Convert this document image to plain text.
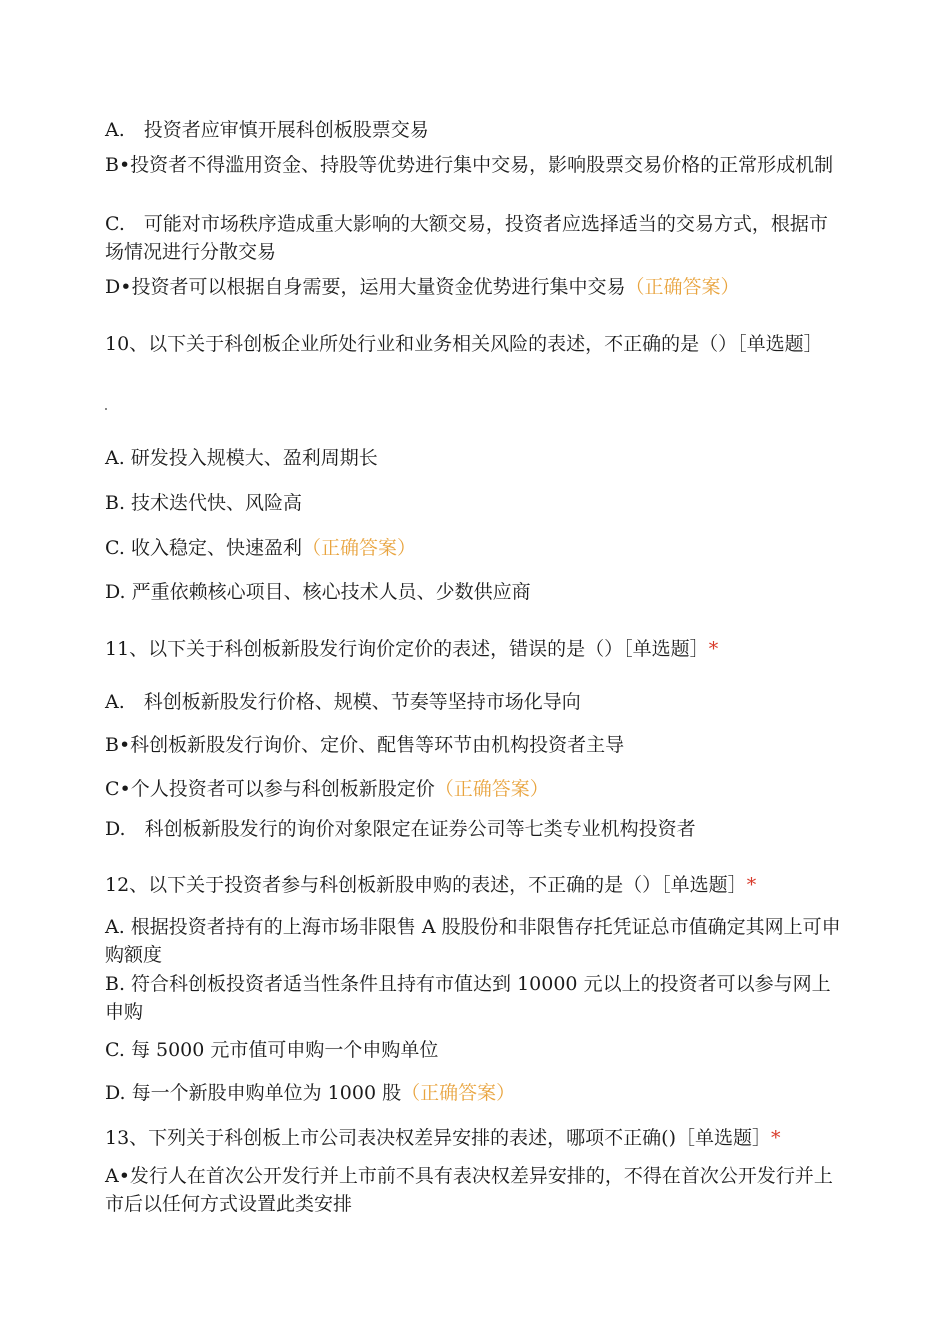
A.　投资者应审慎开展科创板股票交易
B•投资者不得滥用资金、持股等优势进行集中交易，影响股票交易价格的正常形成机制
C.　可能对市场秩序造成重大影响的大额交易，投资者应选择适当的交易方式，根据市场情况进行分散交易
D•投资者可以根据自身需要，运用大量资金优势进行集中交易（正确答案）
10、以下关于科创板企业所处行业和业务相关风险的表述，不正确的是（）［单选题］
A. 研发投入规模大、盈利周期长
B. 技术迭代快、风险高
C. 收入稳定、快速盈利（正确答案）
D. 严重依赖核心项目、核心技术人员、少数供应商
11、以下关于科创板新股发行询价定价的表述，错误的是（）［单选题］*
A.　科创板新股发行价格、规模、节奏等坚持市场化导向
B•科创板新股发行询价、定价、配售等环节由机构投资者主导
C•个人投资者可以参与科创板新股定价（正确答案）
D.　科创板新股发行的询价对象限定在证券公司等七类专业机构投资者
12、以下关于投资者参与科创板新股申购的表述，不正确的是（）［单选题］*
A. 根据投资者持有的上海市场非限售 A 股股份和非限售存托凭证总市值确定其网上可申购额度
B. 符合科创板投资者适当性条件且持有市值达到 10000 元以上的投资者可以参与网上申购
C. 每 5000 元市值可申购一个申购单位
D. 每一个新股申购单位为 1000 股（正确答案）
13、下列关于科创板上市公司表决权差异安排的表述，哪项不正确()［单选题］*
A•发行人在首次公开发行并上市前不具有表决权差异安排的，不得在首次公开发行并上市后以任何方式设置此类安排
